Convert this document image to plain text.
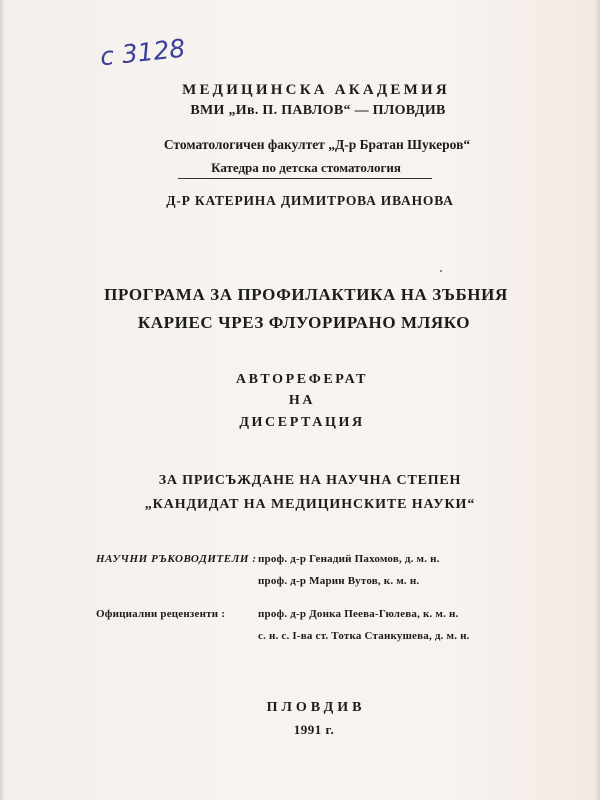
c 3128
МЕДИЦИНСКА АКАДЕМИЯ
ВМИ „Ив. П. ПАВЛОВ“ — ПЛОВДИВ
Стоматологичен факултет „Д-р Братан Шукеров“
Катедра по детска стоматология
Д-Р КАТЕРИНА ДИМИТРОВА ИВАНОВА
ПРОГРАМА ЗА ПРОФИЛАКТИКА НА ЗЪБНИЯ
КАРИЕС ЧРЕЗ ФЛУОРИРАНО МЛЯКО
АВТОРЕФЕРАТ
НА
ДИСЕРТАЦИЯ
ЗА ПРИСЪЖДАНЕ НА НАУЧНА СТЕПЕН
„КАНДИДАТ НА МЕДИЦИНСКИТЕ НАУКИ“
НАУЧНИ РЪКОВОДИТЕЛИ : проф. д-р Генадий Пахомов, д. м. н.
проф. д-р Марин Вутов, к. м. н.
Официални рецензенти :	проф. д-р Донка Пеева-Гюлева, к. м. н.
с. н. с. I-ва ст. Тотка Станкушева, д. м. н.
ПЛОВДИВ
1991 г.
